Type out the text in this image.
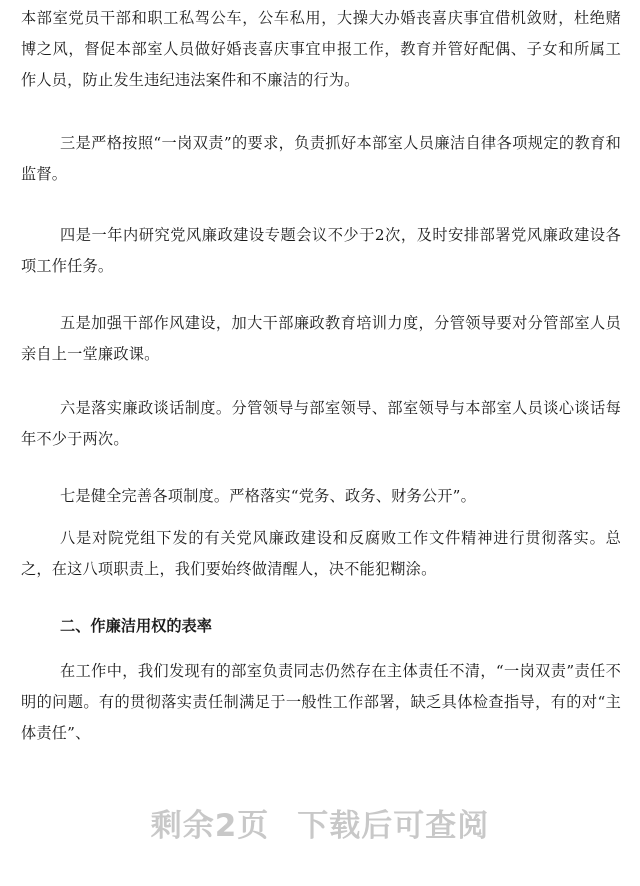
本部室党员干部和职工私驾公车，公车私用，大操大办婚丧喜庆事宜借机敛财，杜绝赌博之风，督促本部室人员做好婚丧喜庆事宜申报工作，教育并管好配偶、子女和所属工作人员，防止发生违纪违法案件和不廉洁的行为。
三是严格按照“一岗双责”的要求，负责抓好本部室人员廉洁自律各项规定的教育和监督。
四是一年内研究党风廉政建设专题会议不少于2次，及时安排部署党风廉政建设各项工作任务。
五是加强干部作风建设，加大干部廉政教育培训力度，分管领导要对分管部室人员亲自上一堂廉政课。
六是落实廉政谈话制度。分管领导与部室领导、部室领导与本部室人员谈心谈话每年不少于两次。
七是健全完善各项制度。严格落实“党务、政务、财务公开”。
八是对院党组下发的有关党风廉政建设和反腐败工作文件精神进行贯彻落实。总之，在这八项职责上，我们要始终做清醒人，决不能犯糊涂。
二、作廉洁用权的表率
在工作中，我们发现有的部室负责同志仍然存在主体责任不清，“一岗双责”责任不明的问题。有的贯彻落实责任制满足于一般性工作部署，缺乏具体检查指导，有的对“主体责任”、
剩余2页 下载后可查阅
